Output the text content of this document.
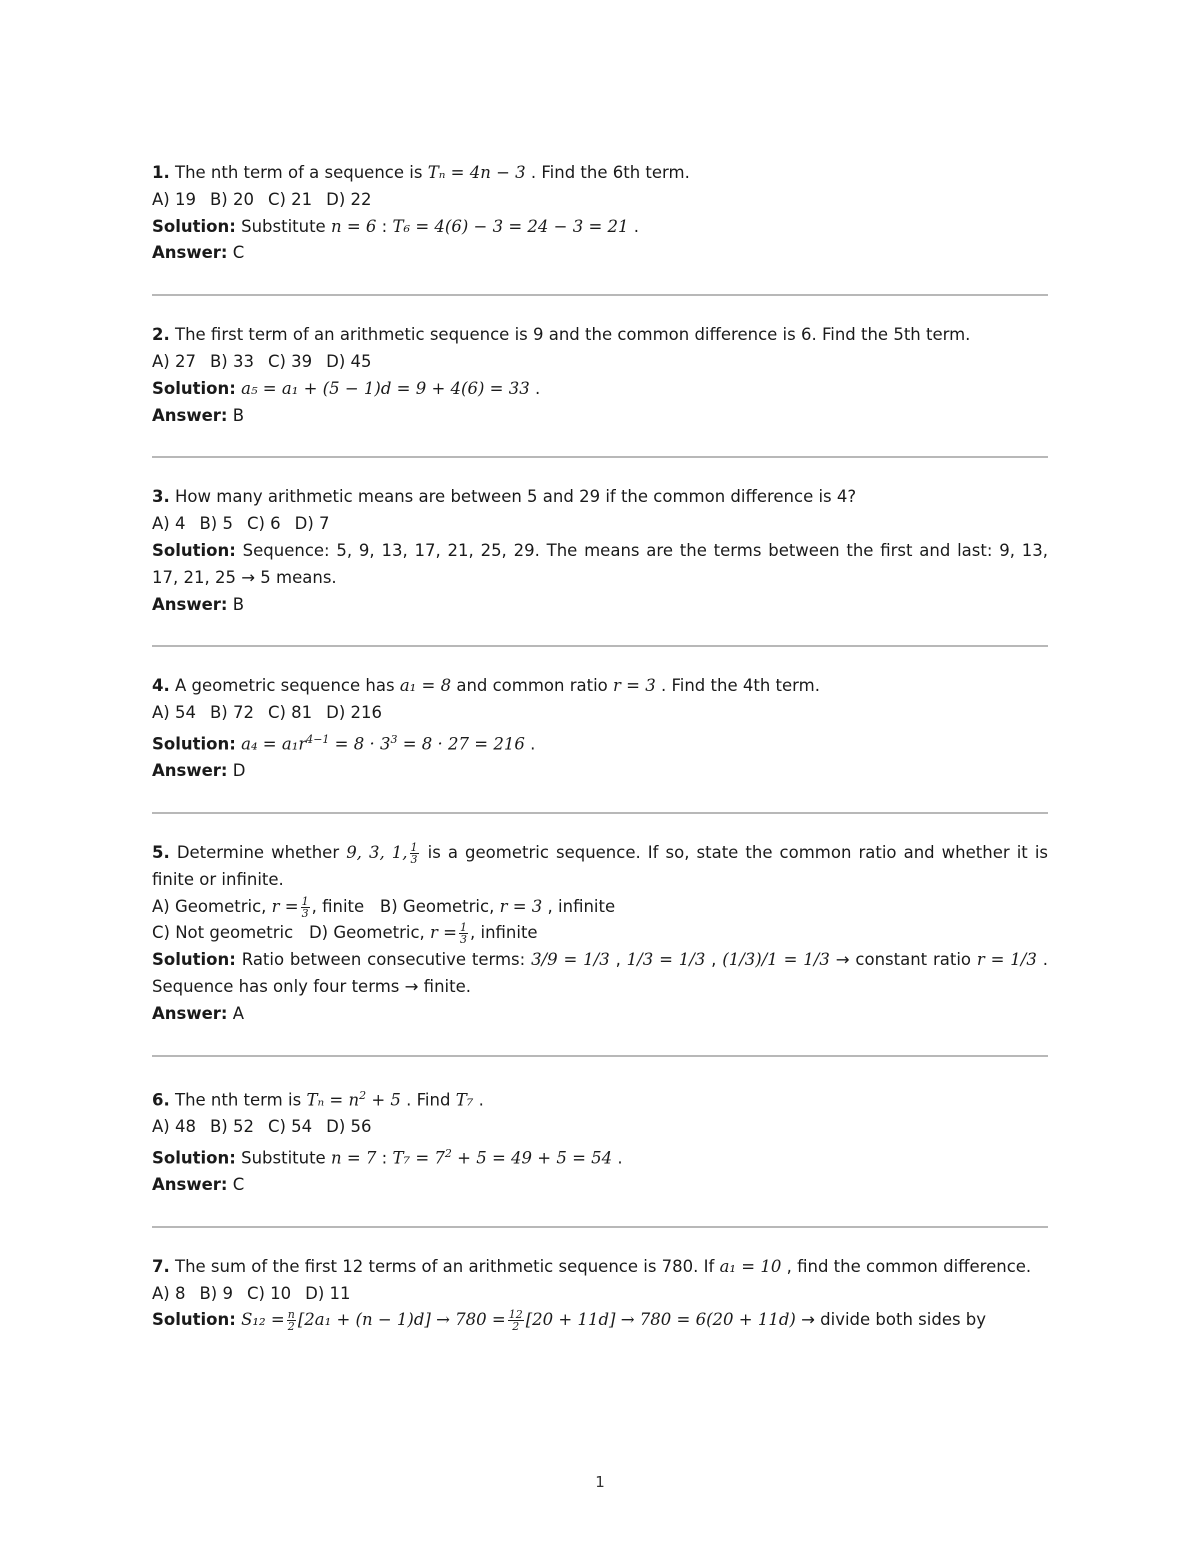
1. The nth term of a sequence is Tₙ = 4n − 3 . Find the 6th term.

A) 19 B) 20 C) 21 D) 22

Solution: Substitute n = 6 : T₆ = 4(6) − 3 = 24 − 3 = 21 .

Answer: C

2. The first term of an arithmetic sequence is 9 and the common difference is 6. Find the 5th term.

A) 27 B) 33 C) 39 D) 45

Solution: a₅ = a₁ + (5 − 1)d = 9 + 4(6) = 33 .

Answer: B

3. How many arithmetic means are between 5 and 29 if the common difference is 4?

A) 4 B) 5 C) 6 D) 7

Solution: Sequence: 5, 9, 13, 17, 21, 25, 29. The means are the terms between the first and last: 9, 13, 17, 21, 25 → 5 means.

Answer: B

4. A geometric sequence has a₁ = 8 and common ratio r = 3 . Find the 4th term.

A) 54 B) 72 C) 81 D) 216

Solution: $a_4 = a_1r^{4-1} = 8 \cdot 3^3 = 8 \cdot 27 = 216$ .

Answer: D

5. Determine whether 9, 3, 1, $\frac{1}{3}$ is a geometric sequence. If so, state the common ratio and whether it is finite or infinite.

A) Geometric, $r = \frac{1}{3}$ , finite B) Geometric, r = 3 , infinite

C) Not geometric D) Geometric, $r = \frac{1}{3}$ , infinite

Solution: Ratio between consecutive terms: 3/9 = 1/3 , 1/3 = 1/3 , (1/3)/1 = 1/3 → constant ratio r = 1/3 . Sequence has only four terms → finite.

Answer: A

6. The nth term is $T_n = n^2 + 5$ . Find T₇ .

A) 48 B) 52 C) 54 D) 56

Solution: Substitute n = 7 : $T_7 = 7^2 + 5 = 49 + 5 = 54$ .

Answer: C

7. The sum of the first 12 terms of an arithmetic sequence is 780. If a₁ = 10 , find the common difference.

A) 8 B) 9 C) 10 D) 11

Solution: $S_{12} = \frac{n}{2} [2a_1 + (n - 1)d] \to 780 = \frac{12}{2} [20 + 11d] \to 780 = 6(20 + 11d)$ → divide both sides by

1
